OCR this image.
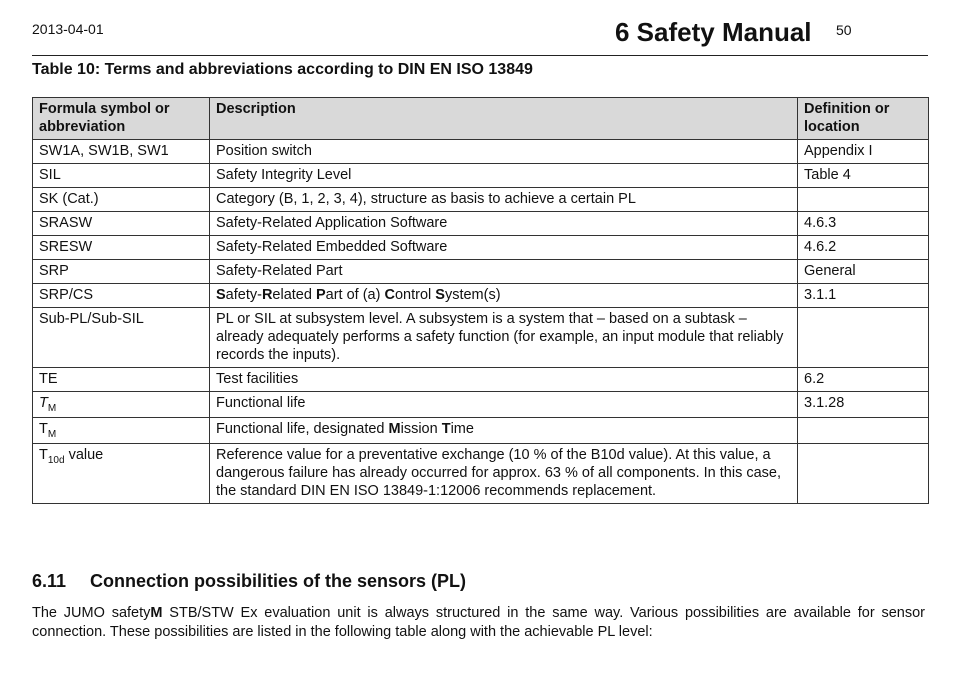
2013-04-01	6 Safety Manual 50
Table 10: Terms and abbreviations according to DIN EN ISO 13849
Formula symbol or abbreviation	Description	Definition or location
SW1A, SW1B, SW1	Position switch	Appendix I
SIL	Safety Integrity Level	Table 4
SK (Cat.)	Category (B, 1, 2, 3, 4), structure as basis to achieve a certain PL	
SRASW	Safety-Related Application Software	4.6.3
SRESW	Safety-Related Embedded Software	4.6.2
SRP	Safety-Related Part	General
SRP/CS	Safety-Related Part of (a) Control System(s)	3.1.1
Sub-PL/Sub-SIL	PL or SIL at subsystem level. A subsystem is a system that – based on a subtask – already adequately performs a safety function (for example, an input module that reliably records the inputs).	
TE	Test facilities	6.2
$T_M$	Functional life	3.1.28
$T_M$	Functional life, designated Mission Time	
$T_{10d}$ value	Reference value for a preventative exchange (10 % of the B10d value). At this value, a dangerous failure has already occurred for approx. 63 % of all components. In this case, the standard DIN EN ISO 13849-1:12006 recommends replacement.	
6.11 Connection possibilities of the sensors (PL)
The JUMO safetyM STB/STW Ex evaluation unit is always structured in the same way. Various possibilities are available for sensor connection. These possibilities are listed in the following table along with the achievable PL level:
